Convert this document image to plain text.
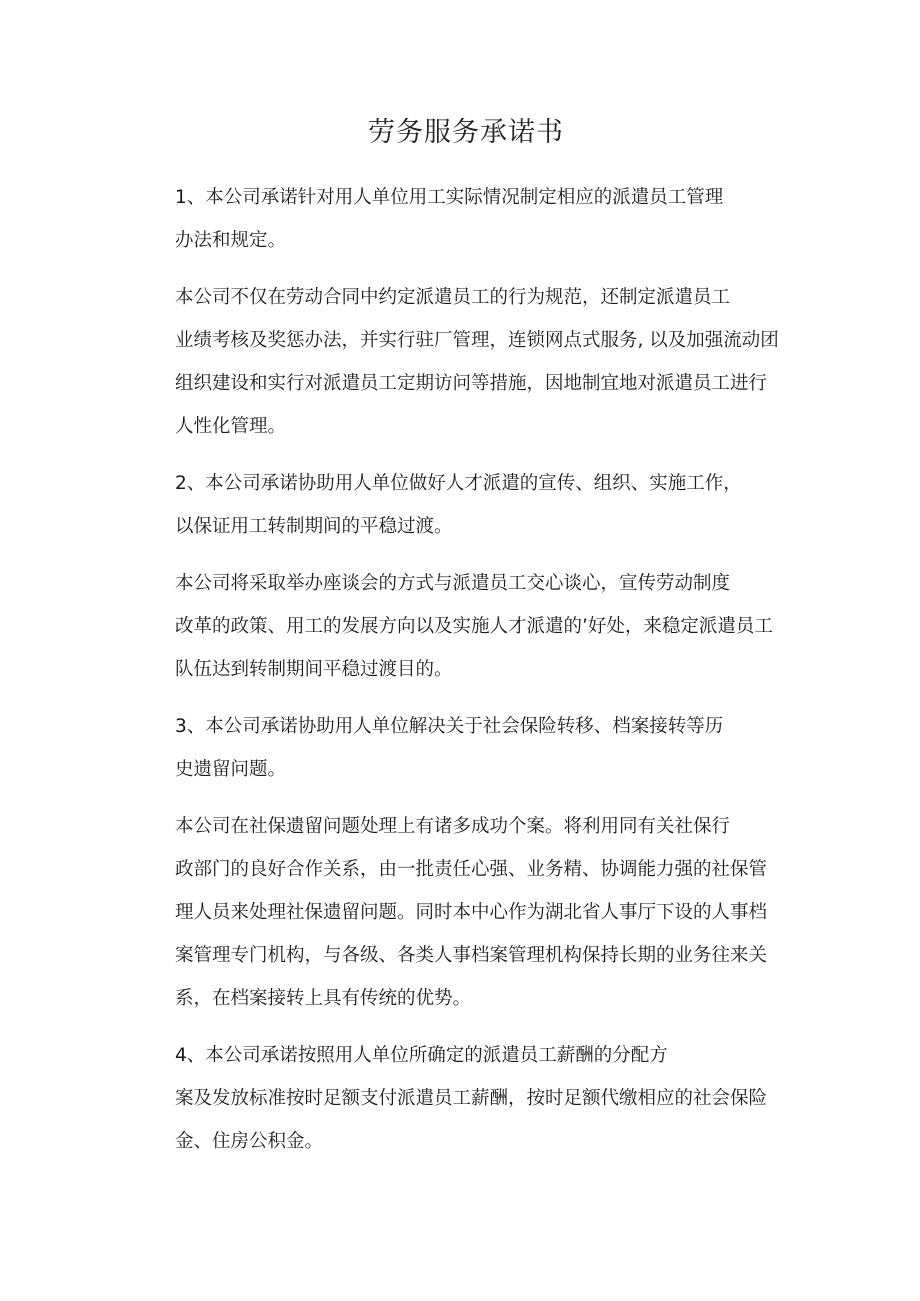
劳务服务承诺书

1、本公司承诺针对用人单位用工实际情况制定相应的派遣员工管理
办法和规定。

本公司不仅在劳动合同中约定派遣员工的行为规范，还制定派遣员工
业绩考核及奖惩办法，并实行驻厂管理，连锁网点式服务, 以及加强流动团
组织建设和实行对派遣员工定期访问等措施，因地制宜地对派遣员工进行
人性化管理。

2、本公司承诺协助用人单位做好人才派遣的宣传、组织、实施工作，
以保证用工转制期间的平稳过渡。

本公司将采取举办座谈会的方式与派遣员工交心谈心，宣传劳动制度
改革的政策、用工的发展方向以及实施人才派遣的’好处，来稳定派遣员工
队伍达到转制期间平稳过渡目的。

3、本公司承诺协助用人单位解决关于社会保险转移、档案接转等历
史遗留问题。

本公司在社保遗留问题处理上有诸多成功个案。将利用同有关社保行
政部门的良好合作关系，由一批责任心强、业务精、协调能力强的社保管
理人员来处理社保遗留问题。同时本中心作为湖北省人事厅下设的人事档
案管理专门机构，与各级、各类人事档案管理机构保持长期的业务往来关
系，在档案接转上具有传统的优势。

4、本公司承诺按照用人单位所确定的派遣员工薪酬的分配方
案及发放标准按时足额支付派遣员工薪酬，按时足额代缴相应的社会保险
金、住房公积金。
